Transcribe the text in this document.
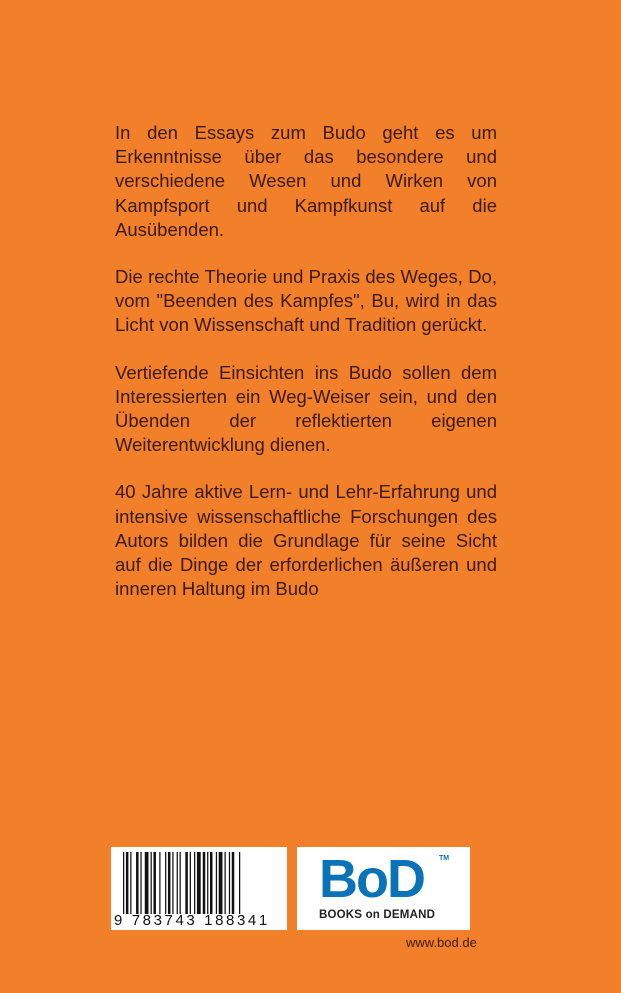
In den Essays zum Budo geht es um
Erkenntnisse über das besondere und
verschiedene Wesen und Wirken von
Kampfsport und Kampfkunst auf die
Ausübenden.
Die rechte Theorie und Praxis des Weges, Do,
vom "Beenden des Kampfes", Bu, wird in das
Licht von Wissenschaft und Tradition gerückt.
Vertiefende Einsichten ins Budo sollen dem
Interessierten ein Weg-Weiser sein, und den
Übenden der reflektierten eigenen
Weiterentwicklung dienen.
40 Jahre aktive Lern- und Lehr-Erfahrung und
intensive wissenschaftliche Forschungen des
Autors bilden die Grundlage für seine Sicht
auf die Dinge der erforderlichen äußeren und
inneren Haltung im Budo
9 783743 188341
BoD TM
BOOKS on DEMAND
www.bod.de
